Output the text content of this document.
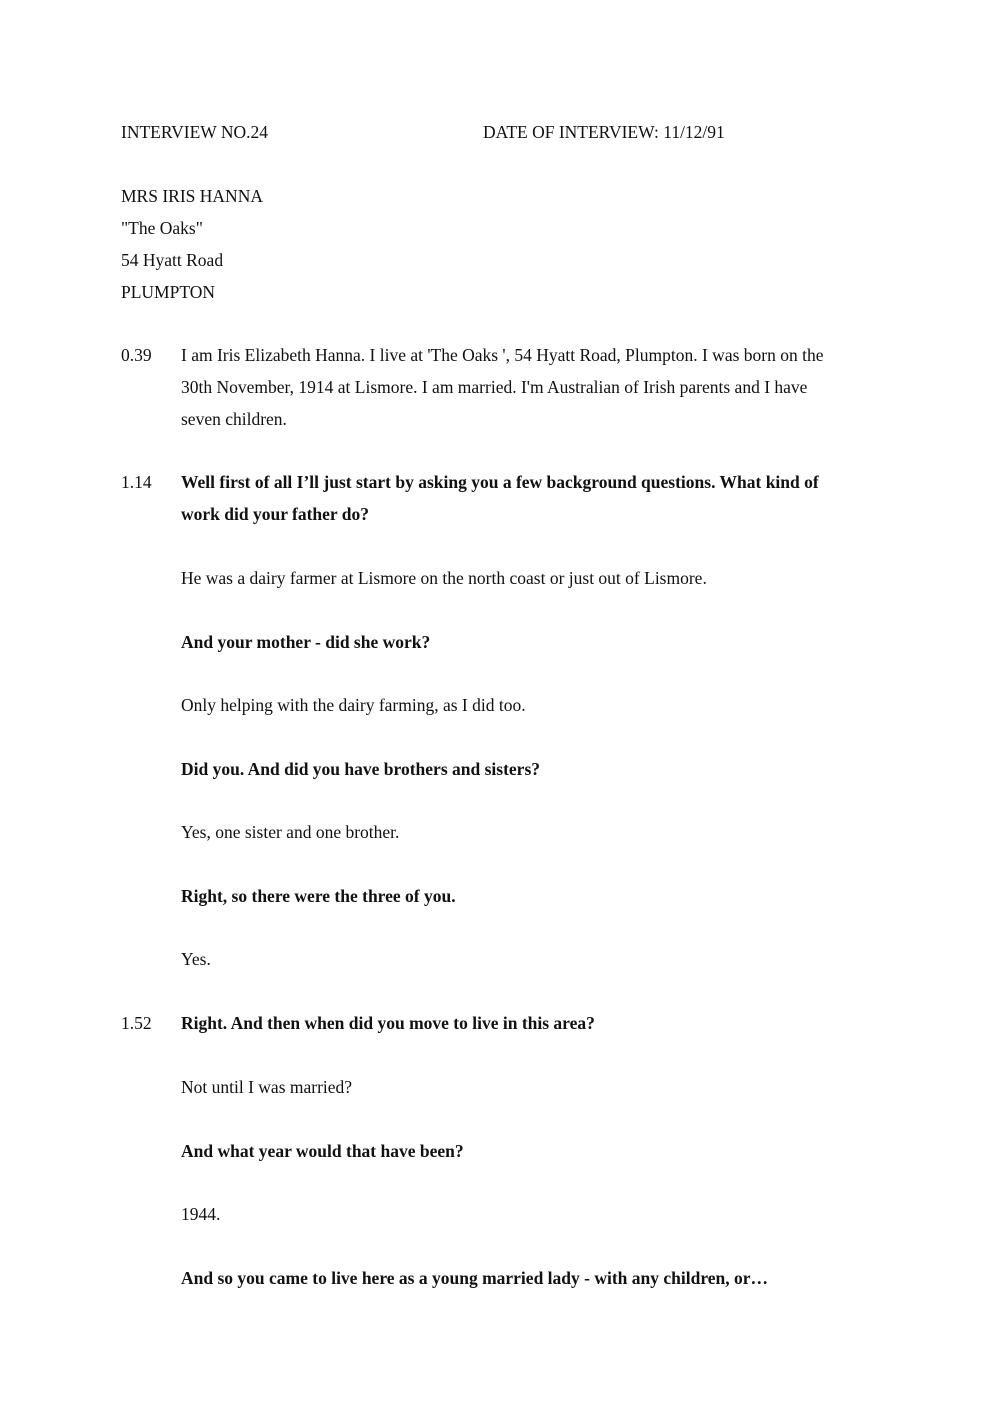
INTERVIEW NO.24	DATE OF INTERVIEW: 11/12/91
MRS IRIS HANNA
"The Oaks"
54 Hyatt Road
PLUMPTON
0.39 I am Iris Elizabeth Hanna. I live at 'The Oaks ', 54 Hyatt Road, Plumpton. I was born on the
30th November, 1914 at Lismore. I am married. I'm Australian of Irish parents and I have
seven children.
1.14 Well first of all I’ll just start by asking you a few background questions. What kind of
work did your father do?
He was a dairy farmer at Lismore on the north coast or just out of Lismore.
And your mother - did she work?
Only helping with the dairy farming, as I did too.
Did you. And did you have brothers and sisters?
Yes, one sister and one brother.
Right, so there were the three of you.
Yes.
1.52 Right. And then when did you move to live in this area?
Not until I was married?
And what year would that have been?
1944.
And so you came to live here as a young married lady - with any children, or…
